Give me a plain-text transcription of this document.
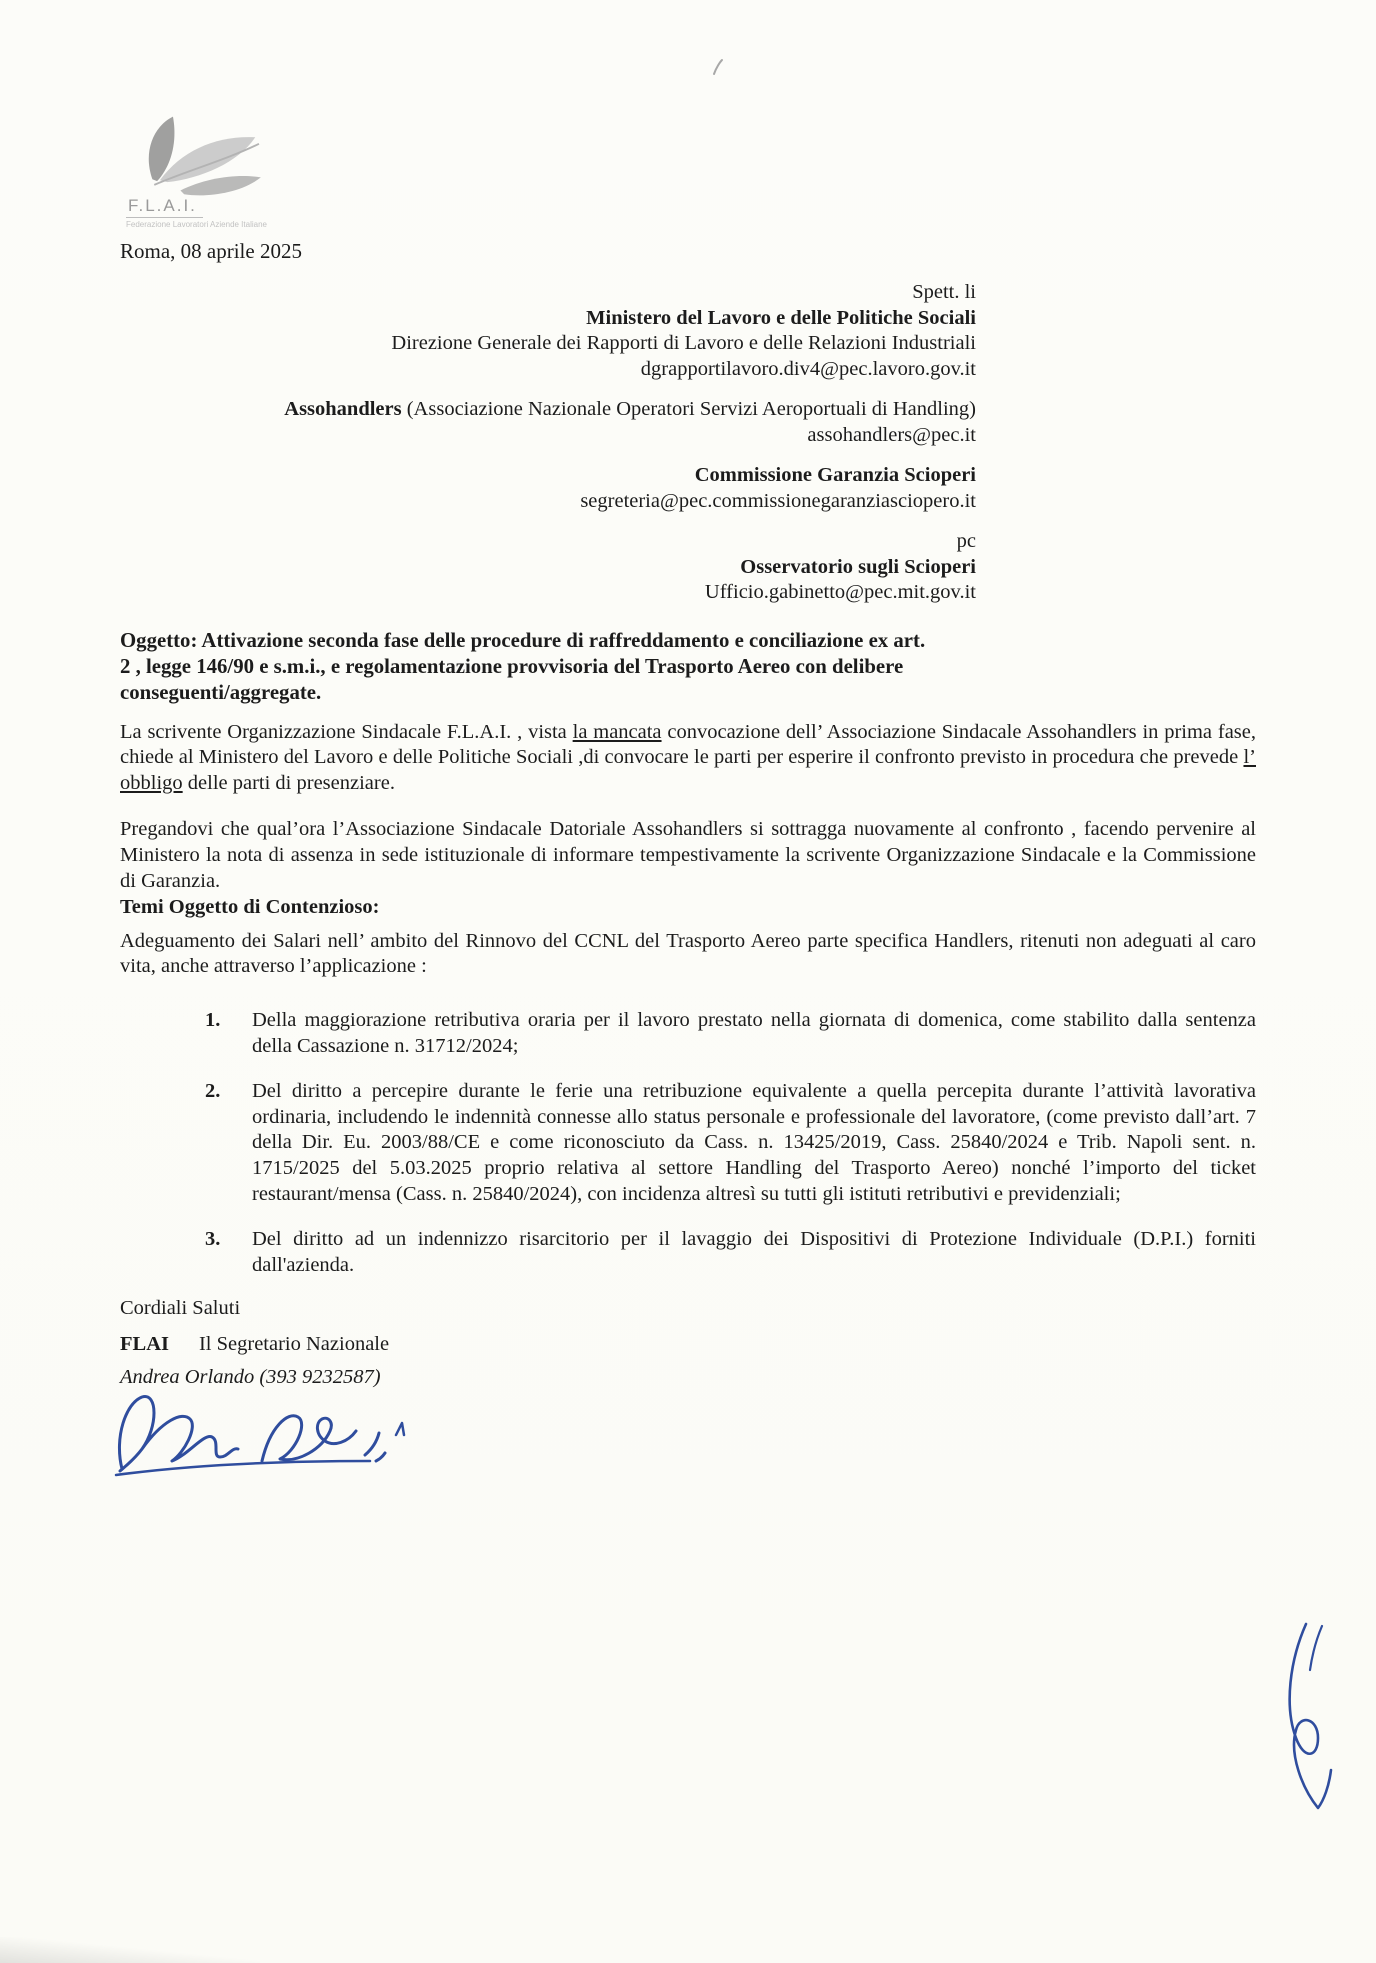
F.L.A.I.
Federazione Lavoratori Aziende Italiane
Roma, 08 aprile 2025
Spett. li
Ministero del Lavoro e delle Politiche Sociali
Direzione Generale dei Rapporti di Lavoro e delle Relazioni Industriali
dgrapportilavoro.div4@pec.lavoro.gov.it
Assohandlers (Associazione Nazionale Operatori Servizi Aeroportuali di Handling)
assohandlers@pec.it
Commissione Garanzia Scioperi
segreteria@pec.commissionegaranziasciopero.it
pc
Osservatorio sugli Scioperi
Ufficio.gabinetto@pec.mit.gov.it
Oggetto: Attivazione seconda fase delle procedure di raffreddamento e conciliazione ex art.
2 , legge 146/90 e s.m.i., e regolamentazione provvisoria del Trasporto Aereo con delibere
conseguenti/aggregate.

La scrivente Organizzazione Sindacale F.L.A.I. , vista la mancata convocazione dell’ Associazione Sindacale Assohandlers in prima fase, chiede al Ministero del Lavoro e delle Politiche Sociali ,di convocare le parti per esperire il confronto previsto in procedura che prevede l’ obbligo delle parti di presenziare.

Pregandovi che qual’ora l’Associazione Sindacale Datoriale Assohandlers si sottragga nuovamente al confronto , facendo pervenire al Ministero la nota di assenza in sede istituzionale di informare tempestivamente la scrivente Organizzazione Sindacale e la Commissione di Garanzia.

Temi Oggetto di Contenzioso:

Adeguamento dei Salari nell’ ambito del Rinnovo del CCNL del Trasporto Aereo parte specifica Handlers, ritenuti non adeguati al caro vita, anche attraverso l’applicazione :

1.	Della maggiorazione retributiva oraria per il lavoro prestato nella giornata di domenica, come stabilito dalla sentenza della Cassazione n. 31712/2024;
2.	Del diritto a percepire durante le ferie una retribuzione equivalente a quella percepita durante l’attività lavorativa ordinaria, includendo le indennità connesse allo status personale e professionale del lavoratore, (come previsto dall’art. 7 della Dir. Eu. 2003/88/CE e come riconosciuto da Cass. n. 13425/2019, Cass. 25840/2024 e Trib. Napoli sent. n. 1715/2025 del 5.03.2025 proprio relativa al settore Handling del Trasporto Aereo) nonché l’importo del ticket restaurant/mensa (Cass. n. 25840/2024), con incidenza altresì su tutti gli istituti retributivi e previdenziali;
3.	Del diritto ad un indennizzo risarcitorio per il lavaggio dei Dispositivi di Protezione Individuale (D.P.I.) forniti dall'azienda.
Cordiali Saluti
FLAI Il Segretario Nazionale
Andrea Orlando (393 9232587)
